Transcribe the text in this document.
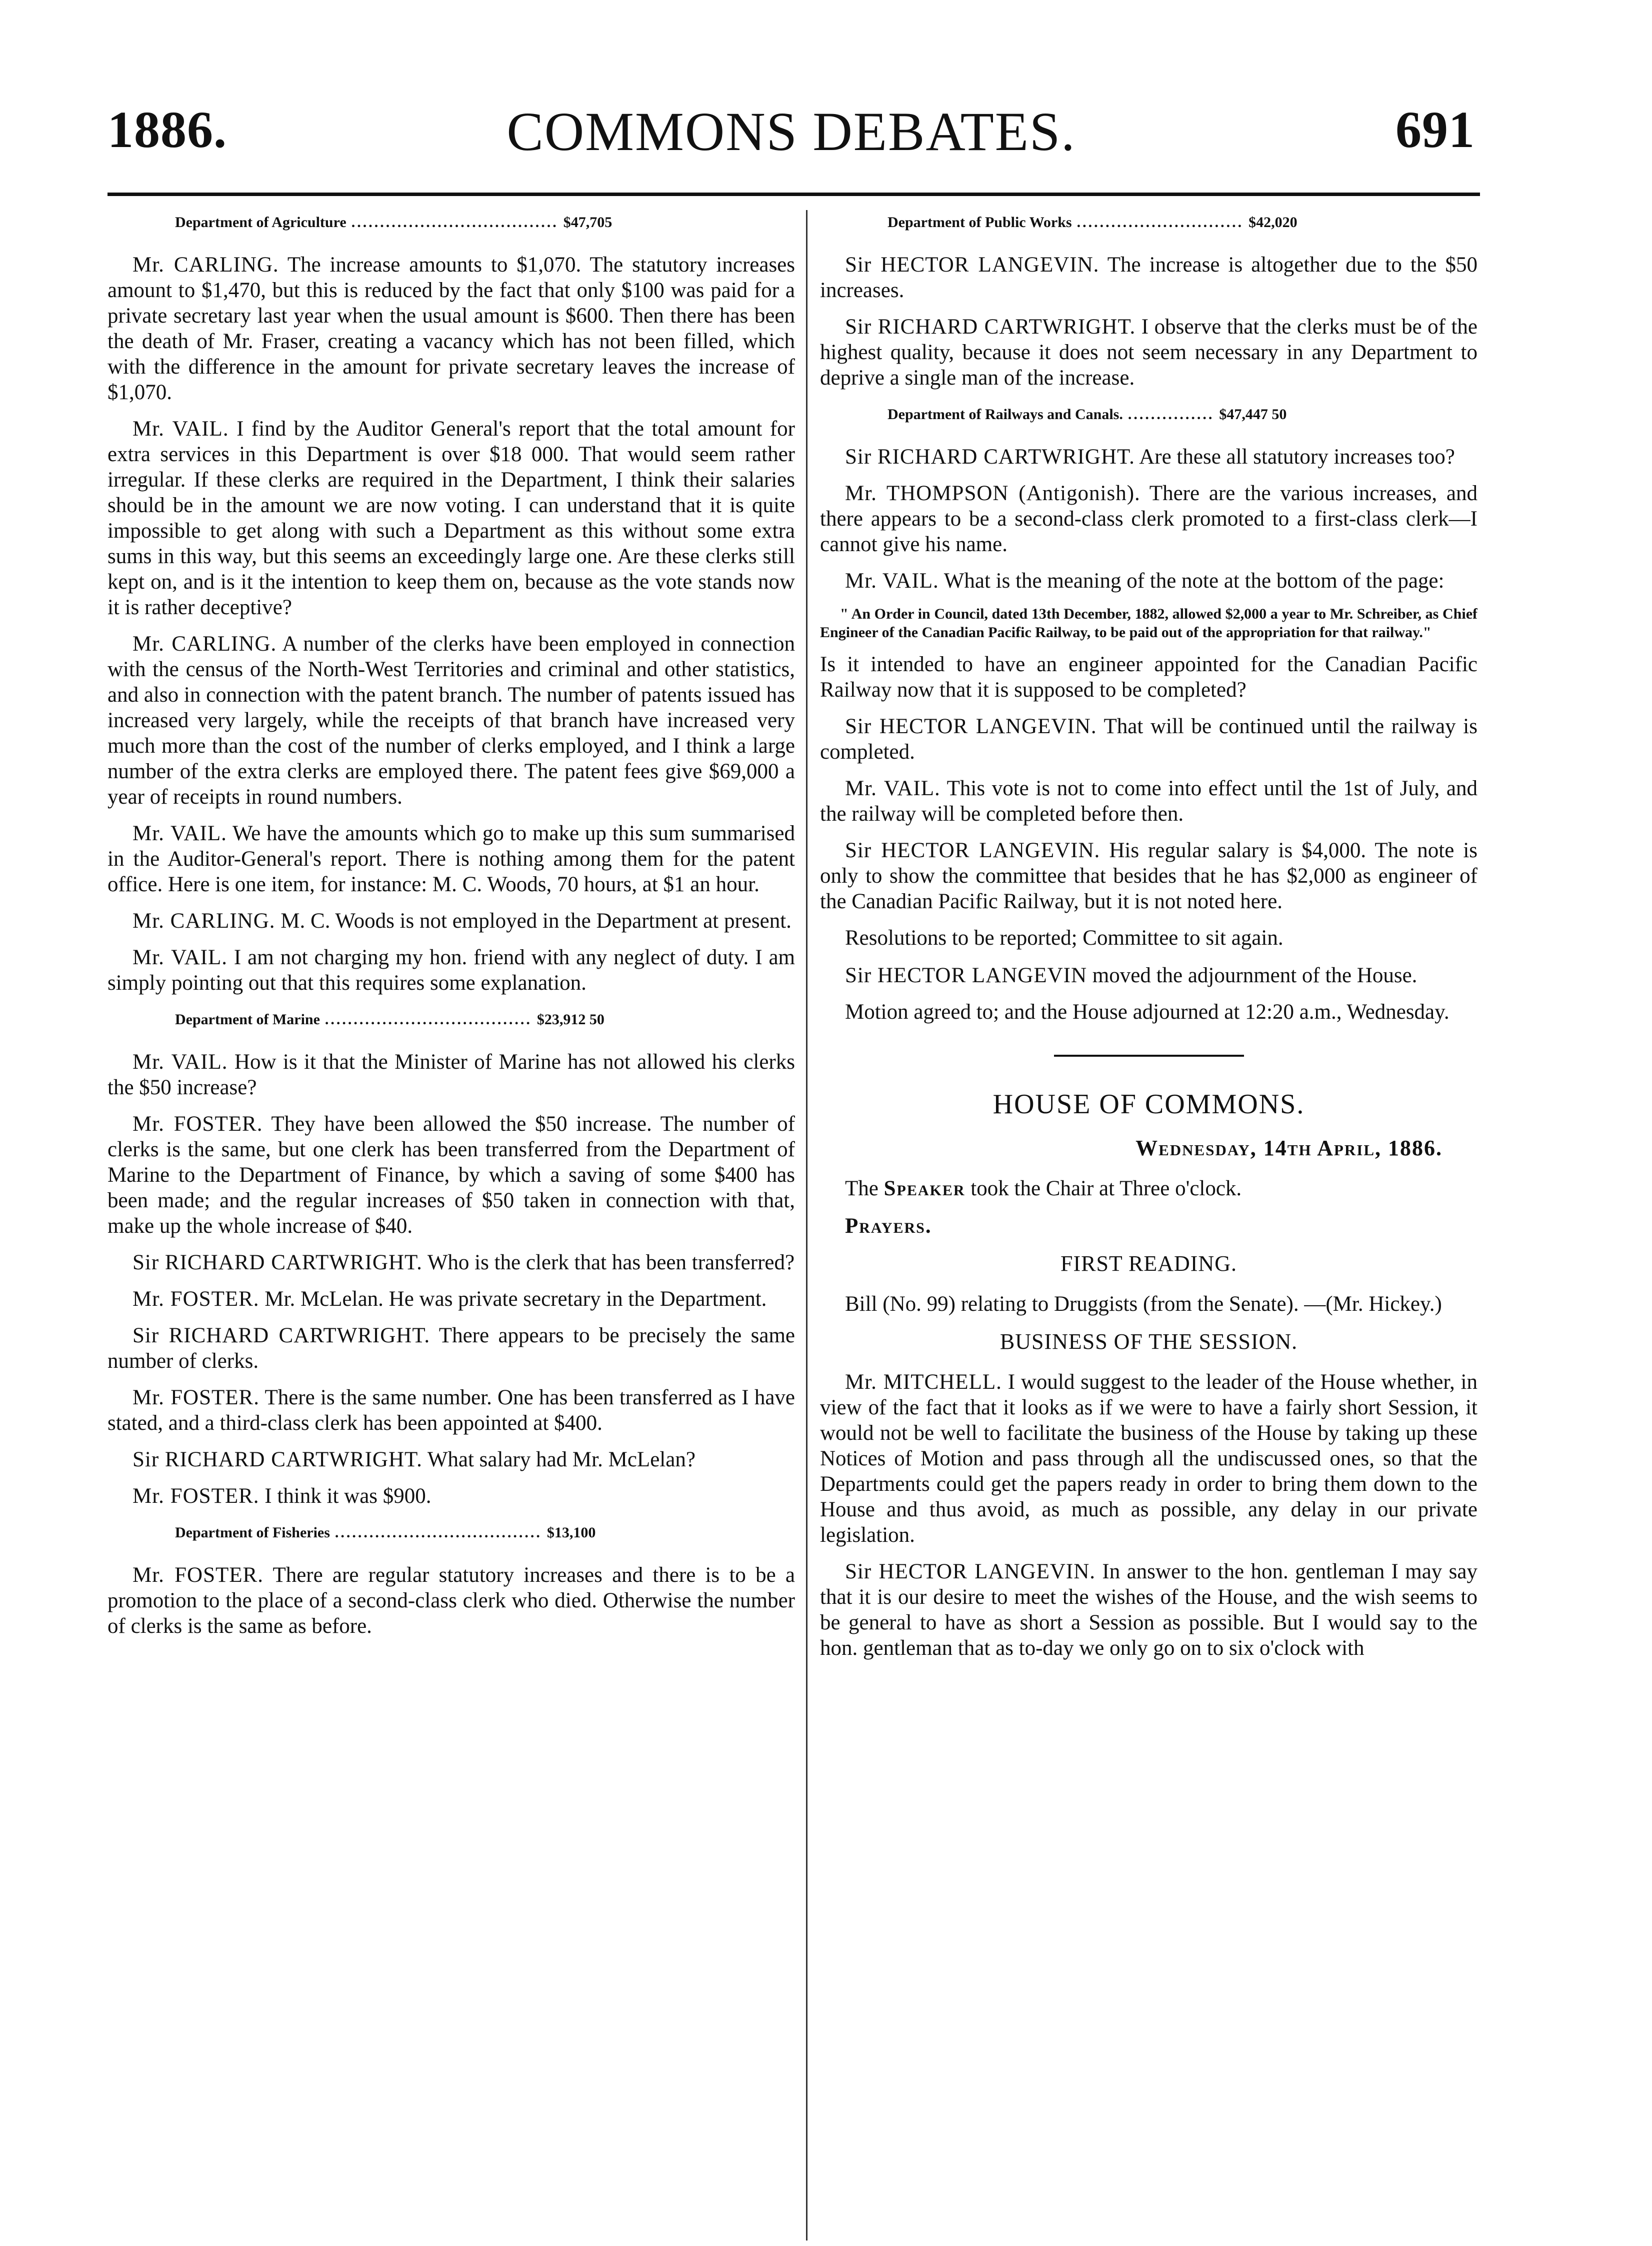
1886.	COMMONS DEBATES.	691
Department of Agriculture .................................... $47,705

Mr. CARLING. The increase amounts to $1,070. The statutory increases amount to $1,470, but this is reduced by the fact that only $100 was paid for a private secretary last year when the usual amount is $600. Then there has been the death of Mr. Fraser, creating a vacancy which has not been filled, which with the difference in the amount for private secretary leaves the increase of $1,070.

Mr. VAIL. I find by the Auditor General's report that the total amount for extra services in this Department is over $18 000. That would seem rather irregular. If these clerks are required in the Department, I think their salaries should be in the amount we are now voting. I can understand that it is quite impossible to get along with such a Department as this without some extra sums in this way, but this seems an exceedingly large one. Are these clerks still kept on, and is it the intention to keep them on, because as the vote stands now it is rather deceptive?

Mr. CARLING. A number of the clerks have been employed in connection with the census of the North-West Territories and criminal and other statistics, and also in connection with the patent branch. The number of patents issued has increased very largely, while the receipts of that branch have increased very much more than the cost of the number of clerks employed, and I think a large number of the extra clerks are employed there. The patent fees give $69,000 a year of receipts in round numbers.

Mr. VAIL. We have the amounts which go to make up this sum summarised in the Auditor-General's report. There is nothing among them for the patent office. Here is one item, for instance: M. C. Woods, 70 hours, at $1 an hour.

Mr. CARLING. M. C. Woods is not employed in the Department at present.

Mr. VAIL. I am not charging my hon. friend with any neglect of duty. I am simply pointing out that this requires some explanation.

Department of Marine .................................... $23,912 50

Mr. VAIL. How is it that the Minister of Marine has not allowed his clerks the $50 increase?

Mr. FOSTER. They have been allowed the $50 increase. The number of clerks is the same, but one clerk has been transferred from the Department of Marine to the Department of Finance, by which a saving of some $400 has been made; and the regular increases of $50 taken in connection with that, make up the whole increase of $40.

Sir RICHARD CARTWRIGHT. Who is the clerk that has been transferred?

Mr. FOSTER. Mr. McLelan. He was private secretary in the Department.

Sir RICHARD CARTWRIGHT. There appears to be precisely the same number of clerks.

Mr. FOSTER. There is the same number. One has been transferred as I have stated, and a third-class clerk has been appointed at $400.

Sir RICHARD CARTWRIGHT. What salary had Mr. McLelan?

Mr. FOSTER. I think it was $900.

Department of Fisheries .................................... $13,100

Mr. FOSTER. There are regular statutory increases and there is to be a promotion to the place of a second-class clerk who died. Otherwise the number of clerks is the same as before.

Department of Public Works ............................. $42,020

Sir HECTOR LANGEVIN. The increase is altogether due to the $50 increases.

Sir RICHARD CARTWRIGHT. I observe that the clerks must be of the highest quality, because it does not seem necessary in any Department to deprive a single man of the increase.

Department of Railways and Canals. ............... $47,447 50

Sir RICHARD CARTWRIGHT. Are these all statutory increases too?

Mr. THOMPSON (Antigonish). There are the various increases, and there appears to be a second-class clerk promoted to a first-class clerk—I cannot give his name.

Mr. VAIL. What is the meaning of the note at the bottom of the page:

" An Order in Council, dated 13th December, 1882, allowed $2,000 a year to Mr. Schreiber, as Chief Engineer of the Canadian Pacific Railway, to be paid out of the appropriation for that railway."

Is it intended to have an engineer appointed for the Canadian Pacific Railway now that it is supposed to be completed?

Sir HECTOR LANGEVIN. That will be continued until the railway is completed.

Mr. VAIL. This vote is not to come into effect until the 1st of July, and the railway will be completed before then.

Sir HECTOR LANGEVIN. His regular salary is $4,000. The note is only to show the committee that besides that he has $2,000 as engineer of the Canadian Pacific Railway, but it is not noted here.

Resolutions to be reported; Committee to sit again.

Sir HECTOR LANGEVIN moved the adjournment of the House.

Motion agreed to; and the House adjourned at 12:20 a.m., Wednesday.

HOUSE OF COMMONS.
Wednesday, 14th April, 1886.

The Speaker took the Chair at Three o'clock.

Prayers.

FIRST READING.

Bill (No. 99) relating to Druggists (from the Senate). —(Mr. Hickey.)

BUSINESS OF THE SESSION.

Mr. MITCHELL. I would suggest to the leader of the House whether, in view of the fact that it looks as if we were to have a fairly short Session, it would not be well to facilitate the business of the House by taking up these Notices of Motion and pass through all the undiscussed ones, so that the Departments could get the papers ready in order to bring them down to the House and thus avoid, as much as possible, any delay in our private legislation.

Sir HECTOR LANGEVIN. In answer to the hon. gentleman I may say that it is our desire to meet the wishes of the House, and the wish seems to be general to have as short a Session as possible. But I would say to the hon. gentleman that as to-day we only go on to six o'clock with
